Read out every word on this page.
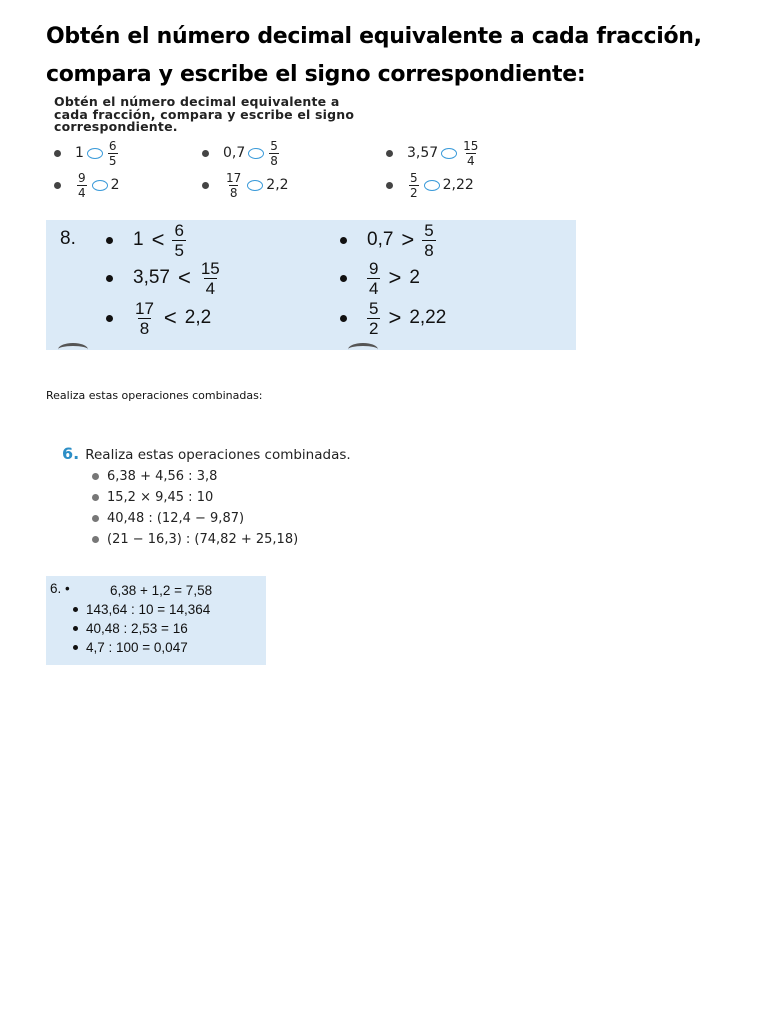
Obtén el número decimal equivalente a cada fracción,
compara y escribe el signo correspondiente:
Obtén el número decimal equivalente a
cada fracción, compara y escribe el signo
correspondiente.
$1 \frac{6}{5}$	$0,7 \frac{5}{8}$	$3,57 \frac{15}{4}$
$\frac{9}{4} 2$	$\frac{17}{8} 2,2$	$\frac{5}{2} 2,22$
8.	$1 < \frac{6}{5}$	$0,7 > \frac{5}{8}$
$3,57 < \frac{15}{4}$	$\frac{9}{4} > 2$
$\frac{17}{8} < 2,2$	$\frac{5}{2} > 2,22$
Realiza estas operaciones combinadas:
6. Realiza estas operaciones combinadas.
6,38 + 4,56 : 3,8
15,2 × 9,45 : 10
40,48 : (12,4 − 9,87)
(21 − 16,3) : (74,82 + 25,18)
6. •	6,38 + 1,2 = 7,58
143,64 : 10 = 14,364
40,48 : 2,53 = 16
4,7 : 100 = 0,047
